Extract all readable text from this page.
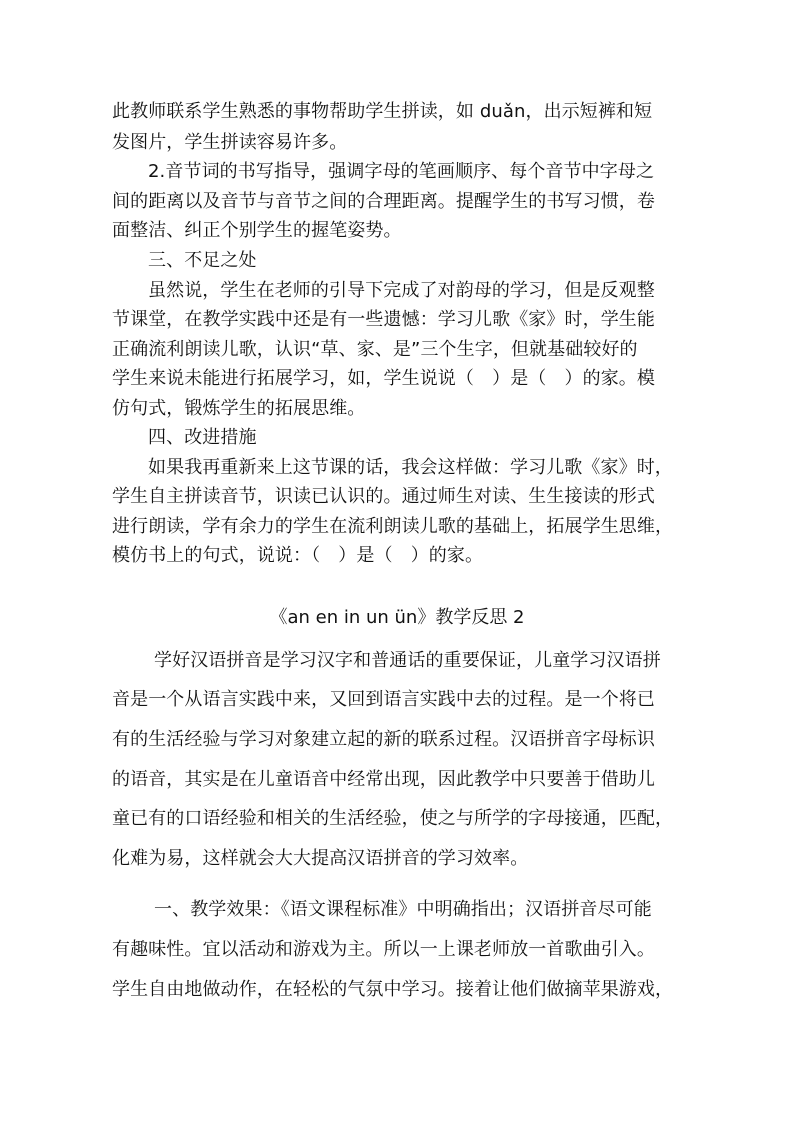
此教师联系学生熟悉的事物帮助学生拼读，如 duǎn，出示短裤和短

发图片，学生拼读容易许多。

2.音节词的书写指导，强调字母的笔画顺序、每个音节中字母之

间的距离以及音节与音节之间的合理距离。提醒学生的书写习惯，卷

面整洁、纠正个别学生的握笔姿势。

三、不足之处

虽然说，学生在老师的引导下完成了对韵母的学习，但是反观整

节课堂，在教学实践中还是有一些遗憾：学习儿歌《家》时，学生能

正确流利朗读儿歌，认识“草、家、是”三个生字，但就基础较好的

学生来说未能进行拓展学习，如，学生说说（　）是（　）的家。模

仿句式，锻炼学生的拓展思维。

四、改进措施

如果我再重新来上这节课的话，我会这样做：学习儿歌《家》时，

学生自主拼读音节，识读已认识的。通过师生对读、生生接读的形式

进行朗读，学有余力的学生在流利朗读儿歌的基础上，拓展学生思维，

模仿书上的句式，说说：（　）是（　）的家。

《an en in un ün》教学反思 2

学好汉语拼音是学习汉字和普通话的重要保证，儿童学习汉语拼

音是一个从语言实践中来，又回到语言实践中去的过程。是一个将已

有的生活经验与学习对象建立起的新的联系过程。汉语拼音字母标识

的语音，其实是在儿童语音中经常出现，因此教学中只要善于借助儿

童已有的口语经验和相关的生活经验，使之与所学的字母接通，匹配，

化难为易，这样就会大大提高汉语拼音的学习效率。

一、教学效果：《语文课程标准》中明确指出；汉语拼音尽可能

有趣味性。宜以活动和游戏为主。所以一上课老师放一首歌曲引入。

学生自由地做动作，在轻松的气氛中学习。接着让他们做摘苹果游戏，
